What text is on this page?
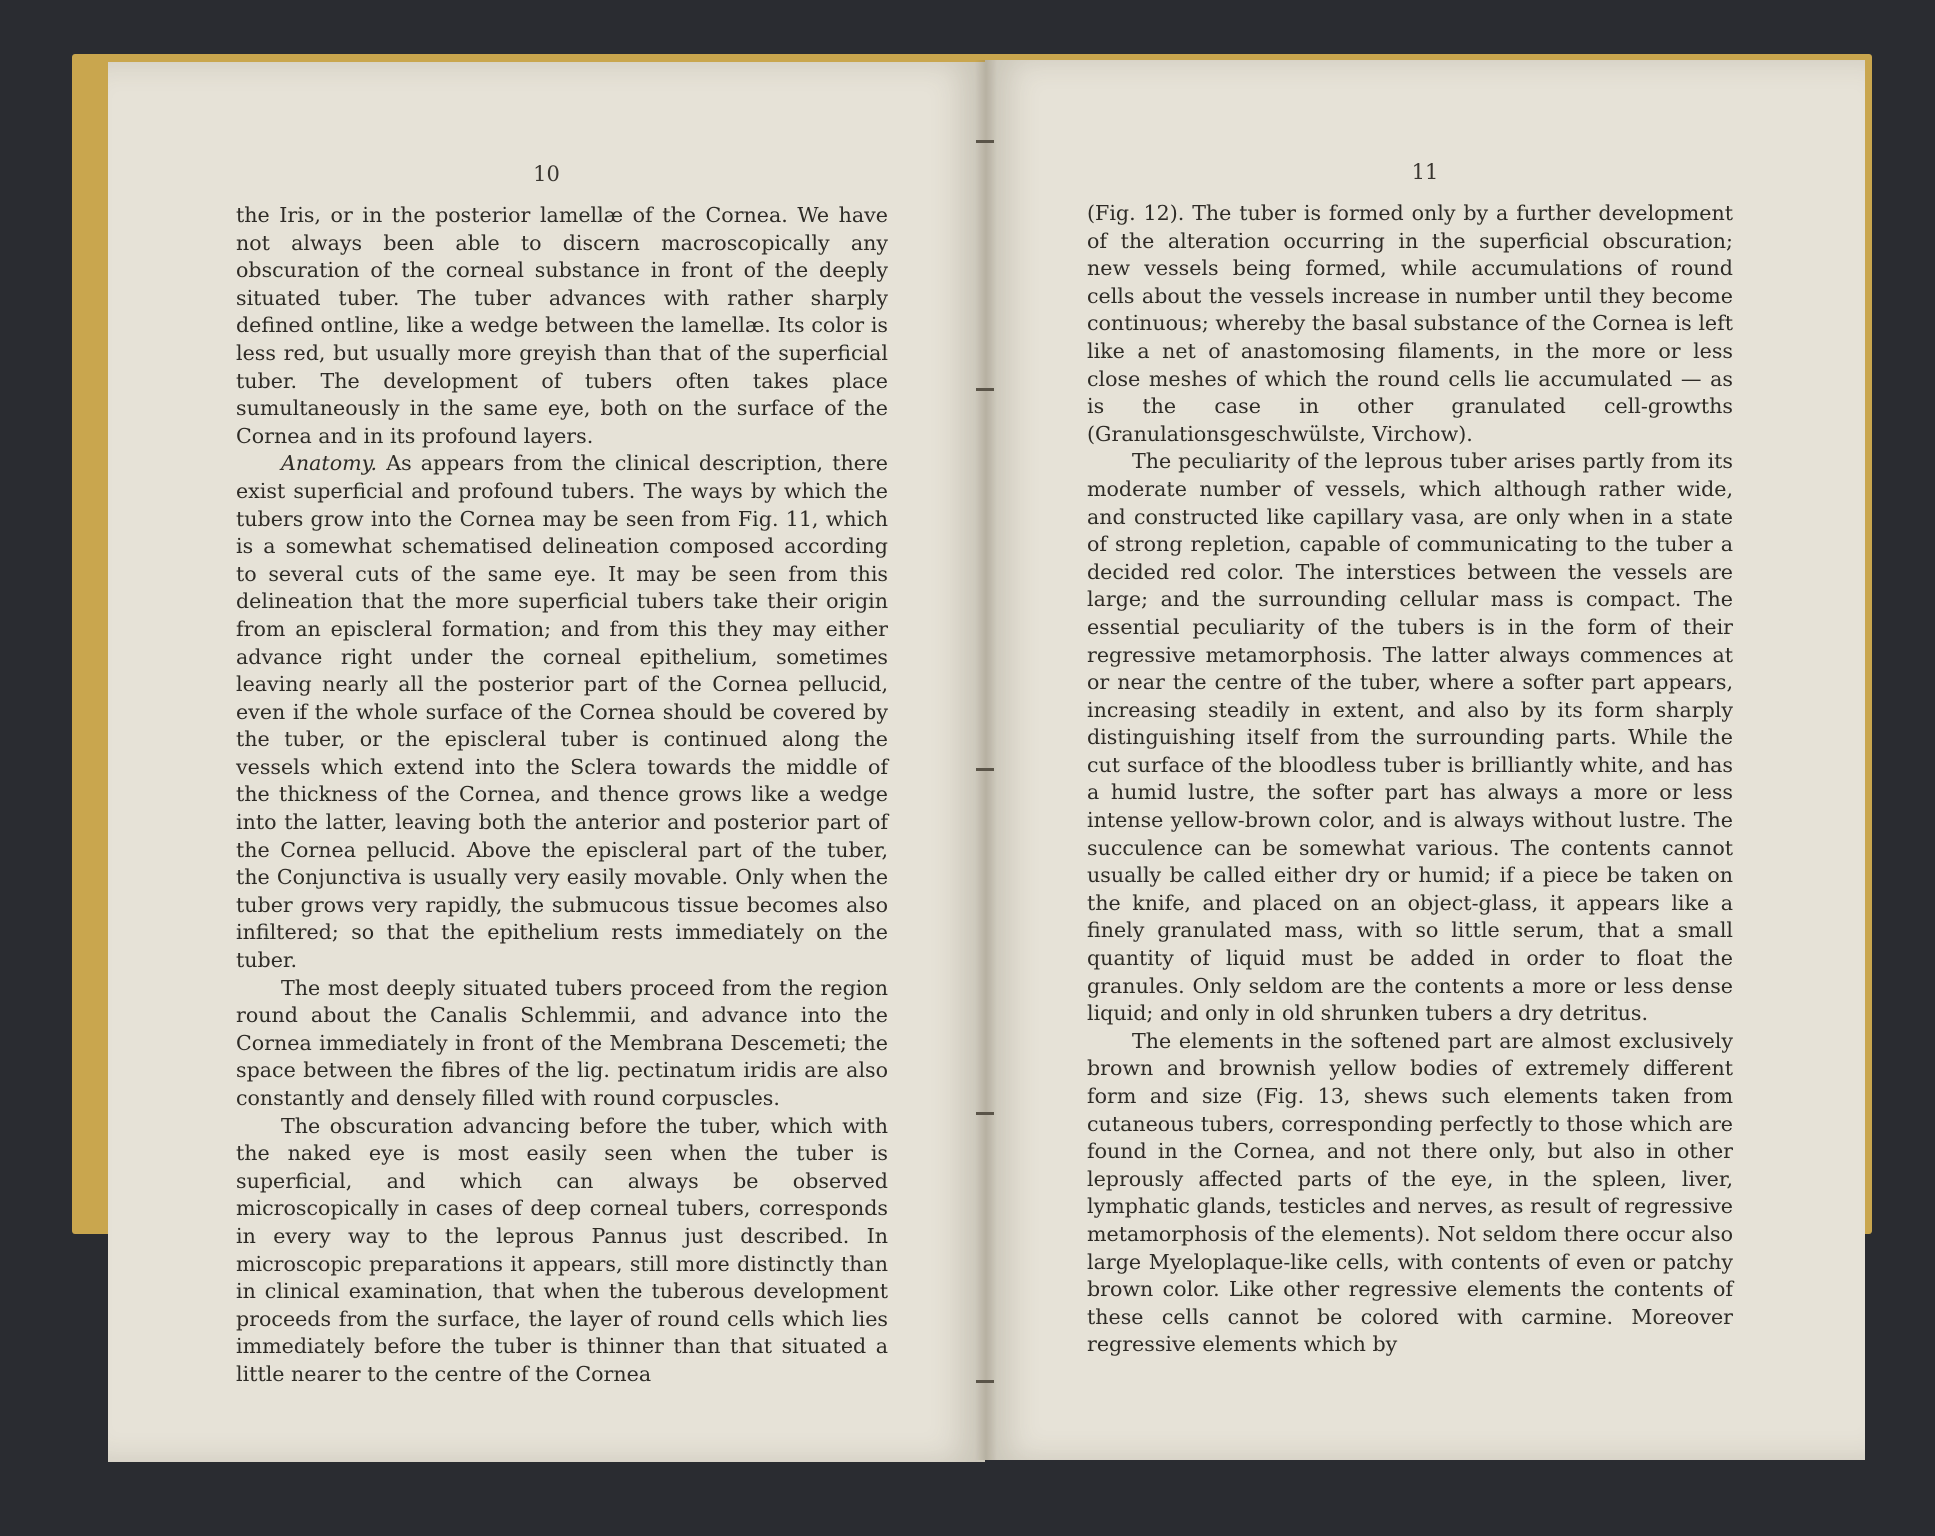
10

the Iris, or in the posterior lamellæ of the Cornea. We have not always been able to discern macroscopically any obscuration of the corneal substance in front of the deeply situated tuber. The tuber advances with rather sharply defined ontline, like a wedge between the lamellæ. Its color is less red, but usually more greyish than that of the superficial tuber. The development of tubers often takes place sumultaneously in the same eye, both on the surface of the Cornea and in its profound layers.

Anatomy. As appears from the clinical description, there exist superficial and profound tubers. The ways by which the tubers grow into the Cornea may be seen from Fig. 11, which is a somewhat schematised delineation composed according to several cuts of the same eye. It may be seen from this delineation that the more superficial tubers take their origin from an episcleral formation; and from this they may either advance right under the corneal epithelium, sometimes leaving nearly all the posterior part of the Cornea pellucid, even if the whole surface of the Cornea should be covered by the tuber, or the episcleral tuber is continued along the vessels which extend into the Sclera towards the middle of the thickness of the Cornea, and thence grows like a wedge into the latter, leaving both the anterior and posterior part of the Cornea pellucid. Above the episcleral part of the tuber, the Conjunctiva is usually very easily movable. Only when the tuber grows very rapidly, the submucous tissue becomes also infiltered; so that the epithelium rests immediately on the tuber.

The most deeply situated tubers proceed from the region round about the Canalis Schlemmii, and advance into the Cornea immediately in front of the Membrana Descemeti; the space between the fibres of the lig. pectinatum iridis are also constantly and densely filled with round corpuscles.

The obscuration advancing before the tuber, which with the naked eye is most easily seen when the tuber is superficial, and which can always be observed microscopically in cases of deep corneal tubers, corresponds in every way to the leprous Pannus just described. In microscopic preparations it appears, still more distinctly than in clinical examination, that when the tuberous development proceeds from the surface, the layer of round cells which lies immediately before the tuber is thinner than that situated a little nearer to the centre of the Cornea

11

(Fig. 12). The tuber is formed only by a further development of the alteration occurring in the superficial obscuration; new vessels being formed, while accumulations of round cells about the vessels increase in number until they become continuous; whereby the basal substance of the Cornea is left like a net of anastomosing filaments, in the more or less close meshes of which the round cells lie accumulated — as is the case in other granulated cell-growths (Granulationsgeschwülste, Virchow).

The peculiarity of the leprous tuber arises partly from its moderate number of vessels, which although rather wide, and constructed like capillary vasa, are only when in a state of strong repletion, capable of communicating to the tuber a decided red color. The interstices between the vessels are large; and the surrounding cellular mass is compact. The essential peculiarity of the tubers is in the form of their regressive metamorphosis. The latter always commences at or near the centre of the tuber, where a softer part appears, increasing steadily in extent, and also by its form sharply distinguishing itself from the surrounding parts. While the cut surface of the bloodless tuber is brilliantly white, and has a humid lustre, the softer part has always a more or less intense yellow-brown color, and is always without lustre. The succulence can be somewhat various. The contents cannot usually be called either dry or humid; if a piece be taken on the knife, and placed on an object-glass, it appears like a finely granulated mass, with so little serum, that a small quantity of liquid must be added in order to float the granules. Only seldom are the contents a more or less dense liquid; and only in old shrunken tubers a dry detritus.

The elements in the softened part are almost exclusively brown and brownish yellow bodies of extremely different form and size (Fig. 13, shews such elements taken from cutaneous tubers, corresponding perfectly to those which are found in the Cornea, and not there only, but also in other leprously affected parts of the eye, in the spleen, liver, lymphatic glands, testicles and nerves, as result of regressive metamorphosis of the elements). Not seldom there occur also large Myeloplaque-like cells, with contents of even or patchy brown color. Like other regressive elements the contents of these cells cannot be colored with carmine. Moreover regressive elements which by
